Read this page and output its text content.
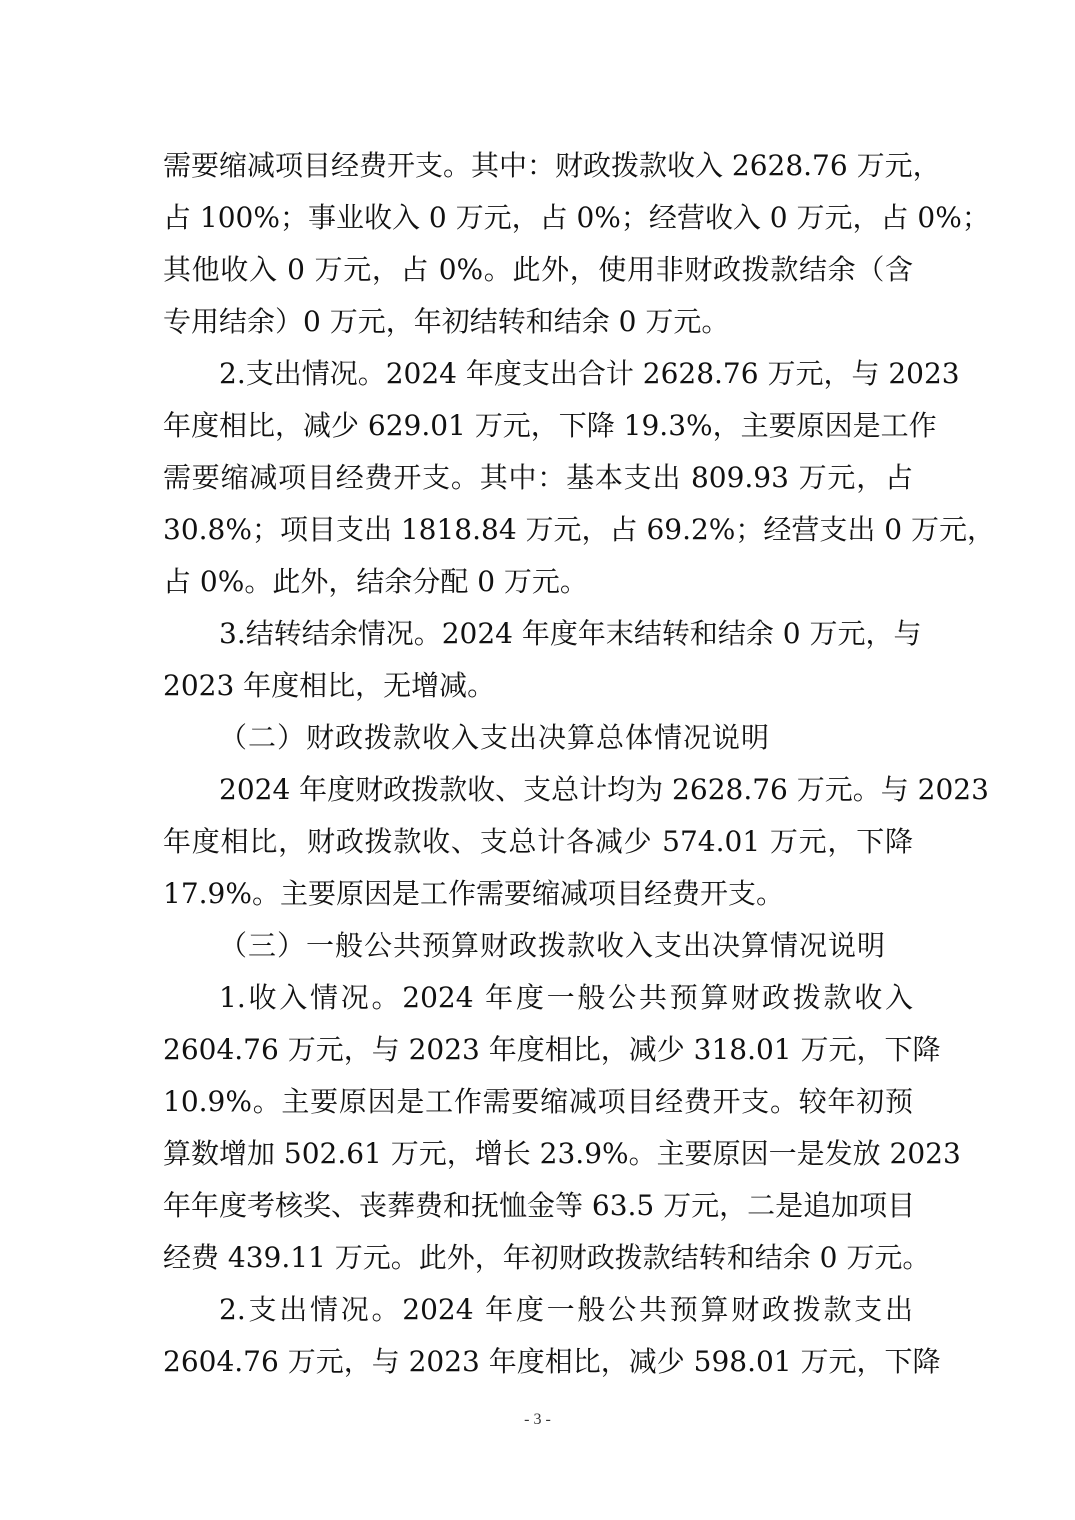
需要缩减项目经费开支。其中：财政拨款收入 2628.76 万元，
占 100%；事业收入 0 万元，占 0%；经营收入 0 万元，占 0%；
其他收入 0 万元，占 0%。此外，使用非财政拨款结余（含
专用结余）0 万元，年初结转和结余 0 万元。
2.支出情况。2024 年度支出合计 2628.76 万元，与 2023
年度相比，减少 629.01 万元，下降 19.3%，主要原因是工作
需要缩减项目经费开支。其中：基本支出 809.93 万元，占
30.8%；项目支出 1818.84 万元，占 69.2%；经营支出 0 万元，
占 0%。此外，结余分配 0 万元。
3.结转结余情况。2024 年度年末结转和结余 0 万元，与
2023 年度相比，无增减。
（二）财政拨款收入支出决算总体情况说明
2024 年度财政拨款收、支总计均为 2628.76 万元。与 2023
年度相比，财政拨款收、支总计各减少 574.01 万元，下降
17.9%。主要原因是工作需要缩减项目经费开支。
（三）一般公共预算财政拨款收入支出决算情况说明
1.收入情况。2024 年度一般公共预算财政拨款收入
2604.76 万元，与 2023 年度相比，减少 318.01 万元，下降
10.9%。主要原因是工作需要缩减项目经费开支。较年初预
算数增加 502.61 万元，增长 23.9%。主要原因一是发放 2023
年年度考核奖、丧葬费和抚恤金等 63.5 万元，二是追加项目
经费 439.11 万元。此外，年初财政拨款结转和结余 0 万元。
2.支出情况。2024 年度一般公共预算财政拨款支出
2604.76 万元，与 2023 年度相比，减少 598.01 万元，下降
- 3 -
